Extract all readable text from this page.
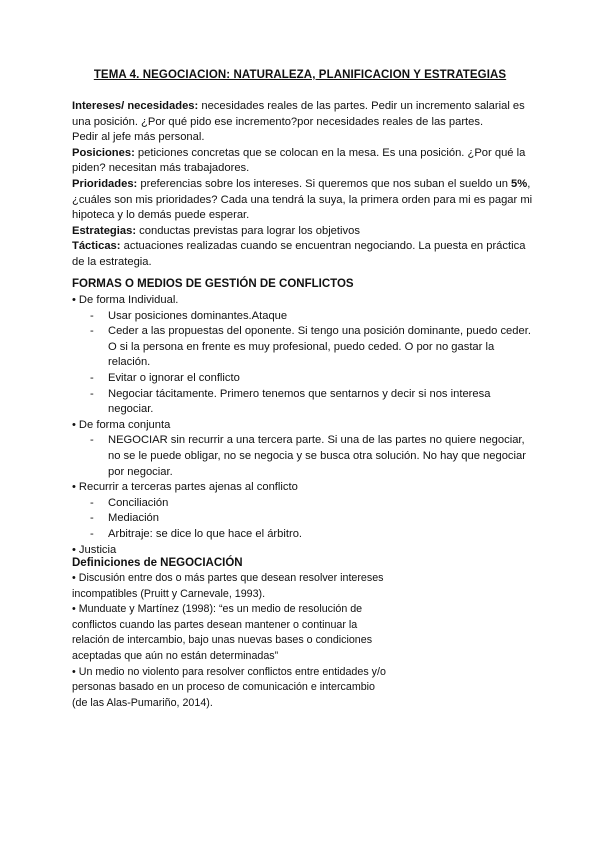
TEMA 4. NEGOCIACION: NATURALEZA, PLANIFICACION Y ESTRATEGIAS

Intereses/ necesidades: necesidades reales de las partes. Pedir un incremento salarial es una posición. ¿Por qué pido ese incremento?por necesidades reales de las partes.
Pedir al jefe más personal.

Posiciones: peticiones concretas que se colocan en la mesa. Es una posición. ¿Por qué la piden? necesitan más trabajadores.

Prioridades: preferencias sobre los intereses. Si queremos que nos suban el sueldo un 5%,¿cuáles son mis prioridades? Cada una tendrá la suya, la primera orden para mi es pagar mi hipoteca y lo demás puede esperar.

Estrategias: conductas previstas para lograr los objetivos

Tácticas: actuaciones realizadas cuando se encuentran negociando. La puesta en práctica de la estrategia.

FORMAS O MEDIOS DE GESTIÓN DE CONFLICTOS

• De forma Individual.

- Usar posiciones dominantes.Ataque

- Ceder a las propuestas del oponente. Si tengo una posición dominante, puedo ceder. O si la persona en frente es muy profesional, puedo ceded. O por no gastar la relación.

- Evitar o ignorar el conflicto

- Negociar tácitamente. Primero tenemos que sentarnos y decir si nos interesa negociar.

• De forma conjunta

- NEGOCIAR sin recurrir a una tercera parte. Si una de las partes no quiere negociar, no se le puede obligar, no se negocia y se busca otra solución. No hay que negociar por negociar.

• Recurrir a terceras partes ajenas al conflicto

- Conciliación

- Mediación

- Arbitraje: se dice lo que hace el árbitro.

• Justicia

Definiciones de NEGOCIACIÓN

• Discusión entre dos o más partes que desean resolver intereses incompatibles (Pruitt y Carnevale, 1993).

• Munduate y Martínez (1998): “es un medio de resolución de conflictos cuando las partes desean mantener o continuar la relación de intercambio, bajo unas nuevas bases o condiciones aceptadas que aún no están determinadas”

• Un medio no violento para resolver conflictos entre entidades y/o personas basado en un proceso de comunicación e intercambio (de las Alas-Pumariño, 2014).
